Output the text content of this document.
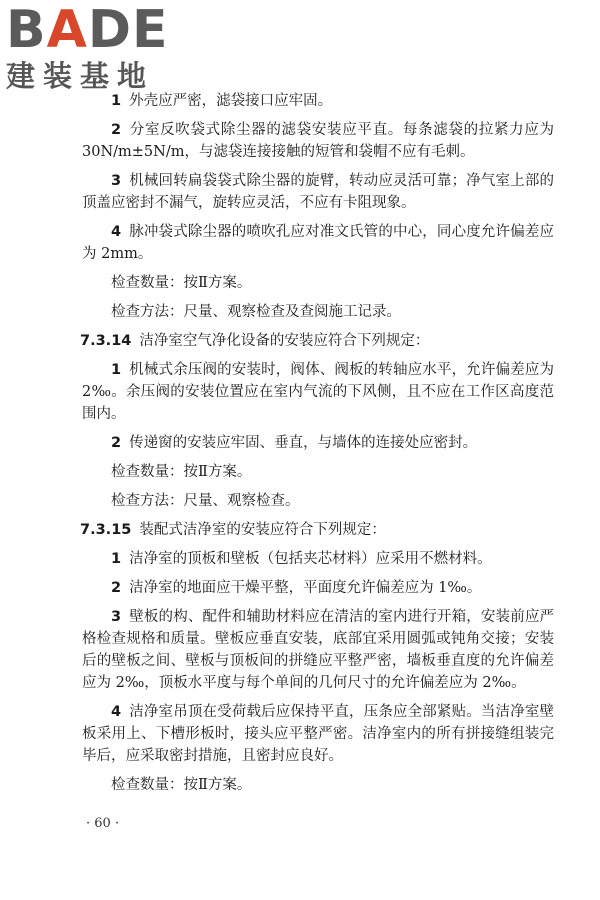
BADE
建装基地

1 外壳应严密，滤袋接口应牢固。

2 分室反吹袋式除尘器的滤袋安装应平直。每条滤袋的拉紧力应为 30N/m±5N/m，与滤袋连接接触的短管和袋帽不应有毛刺。

3 机械回转扁袋袋式除尘器的旋臂，转动应灵活可靠；净气室上部的顶盖应密封不漏气，旋转应灵活，不应有卡阻现象。

4 脉冲袋式除尘器的喷吹孔应对准文氏管的中心，同心度允许偏差应为 2mm。

检查数量：按Ⅱ方案。

检查方法：尺量、观察检查及查阅施工记录。

7.3.14 洁净室空气净化设备的安装应符合下列规定：

1 机械式余压阀的安装时，阀体、阀板的转轴应水平，允许偏差应为 2‰。余压阀的安装位置应在室内气流的下风侧，且不应在工作区高度范围内。

2 传递窗的安装应牢固、垂直，与墙体的连接处应密封。

检查数量：按Ⅱ方案。

检查方法：尺量、观察检查。

7.3.15 装配式洁净室的安装应符合下列规定：

1 洁净室的顶板和壁板（包括夹芯材料）应采用不燃材料。

2 洁净室的地面应干燥平整，平面度允许偏差应为 1‰。

3 壁板的构、配件和辅助材料应在清洁的室内进行开箱，安装前应严格检查规格和质量。壁板应垂直安装，底部宜采用圆弧或钝角交接；安装后的壁板之间、壁板与顶板间的拼缝应平整严密，墙板垂直度的允许偏差应为 2‰，顶板水平度与每个单间的几何尺寸的允许偏差应为 2‰。

4 洁净室吊顶在受荷载后应保持平直，压条应全部紧贴。当洁净室壁板采用上、下槽形板时，接头应平整严密。洁净室内的所有拼接缝组装完毕后，应采取密封措施，且密封应良好。

检查数量：按Ⅱ方案。

· 60 ·
